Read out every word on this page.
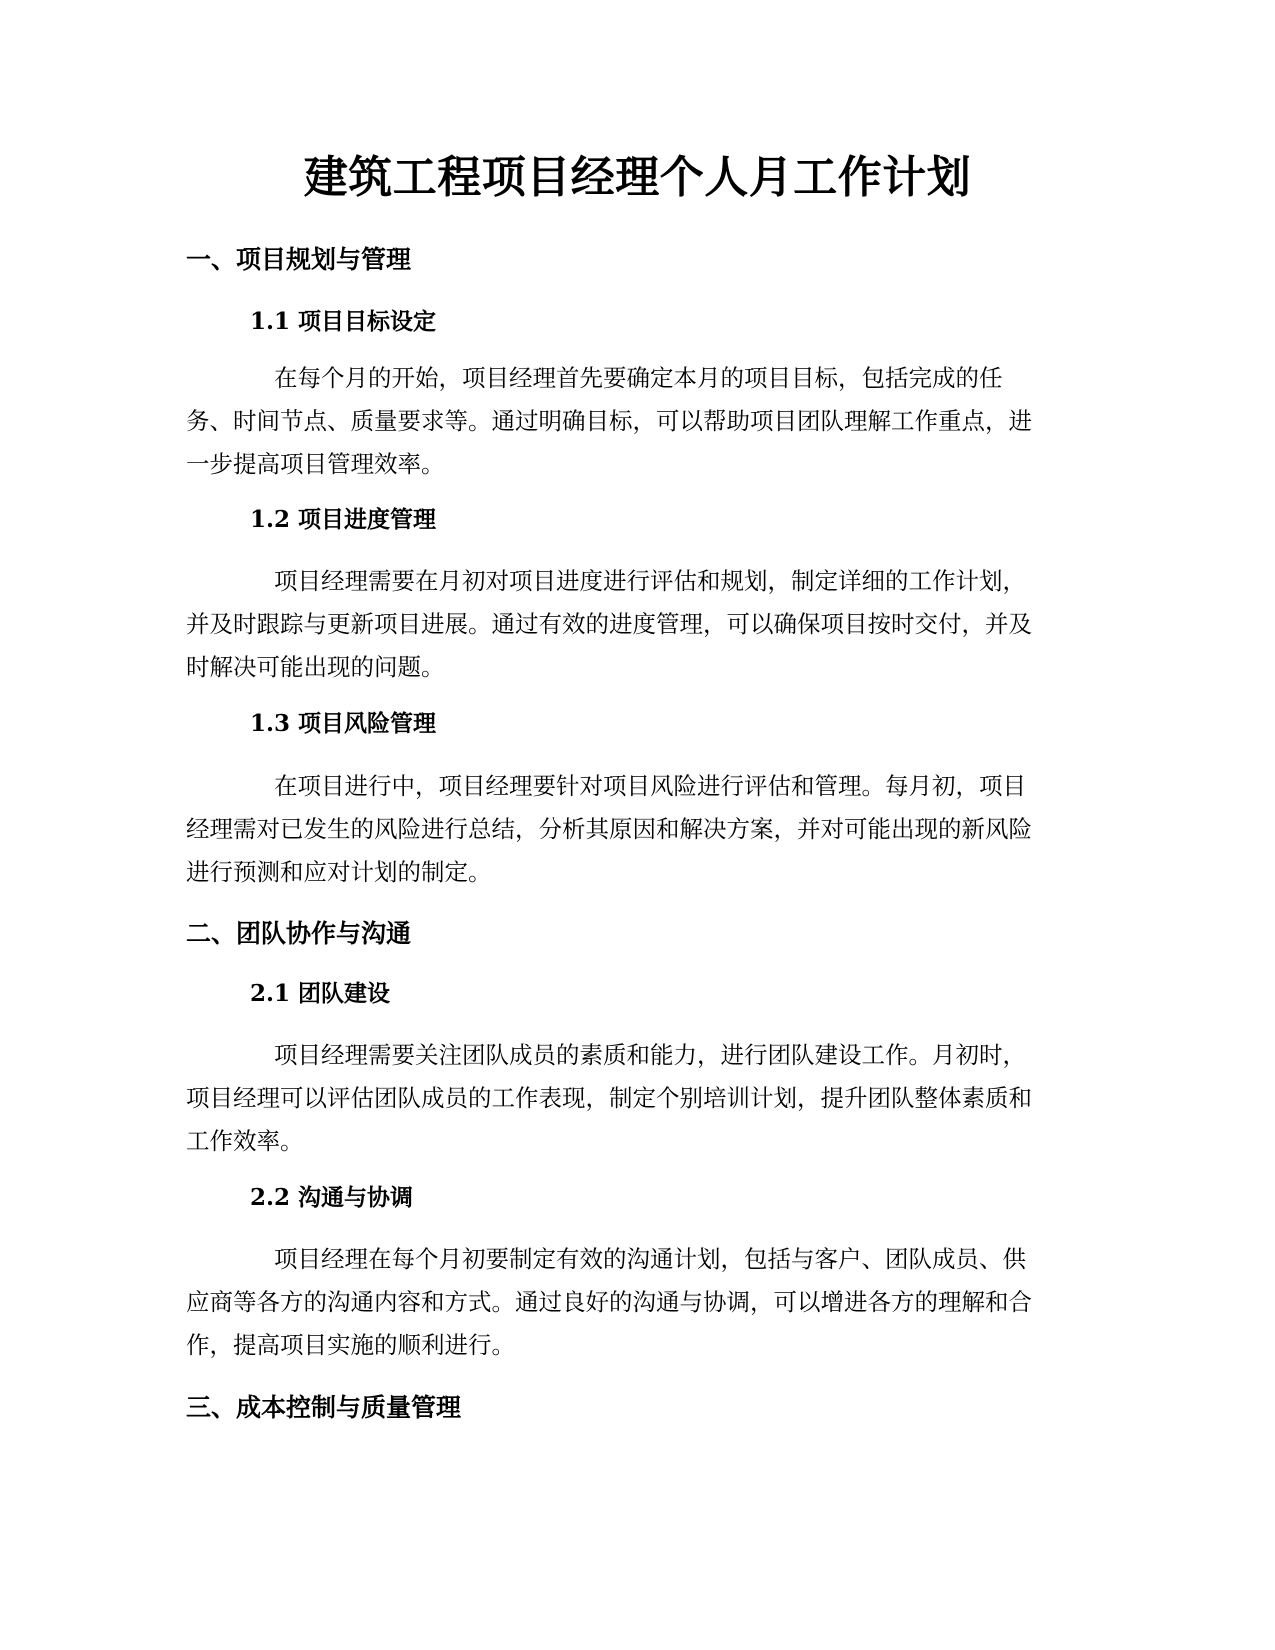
建筑工程项目经理个人月工作计划
一、项目规划与管理
1.1 项目目标设定
在每个月的开始，项目经理首先要确定本月的项目目标，包括完成的任
务、时间节点、质量要求等。通过明确目标，可以帮助项目团队理解工作重点，进
一步提高项目管理效率。
1.2 项目进度管理
项目经理需要在月初对项目进度进行评估和规划，制定详细的工作计划，
并及时跟踪与更新项目进展。通过有效的进度管理，可以确保项目按时交付，并及
时解决可能出现的问题。
1.3 项目风险管理
在项目进行中，项目经理要针对项目风险进行评估和管理。每月初，项目
经理需对已发生的风险进行总结，分析其原因和解决方案，并对可能出现的新风险
进行预测和应对计划的制定。
二、团队协作与沟通
2.1 团队建设
项目经理需要关注团队成员的素质和能力，进行团队建设工作。月初时，
项目经理可以评估团队成员的工作表现，制定个别培训计划，提升团队整体素质和
工作效率。
2.2 沟通与协调
项目经理在每个月初要制定有效的沟通计划，包括与客户、团队成员、供
应商等各方的沟通内容和方式。通过良好的沟通与协调，可以增进各方的理解和合
作，提高项目实施的顺利进行。
三、成本控制与质量管理
